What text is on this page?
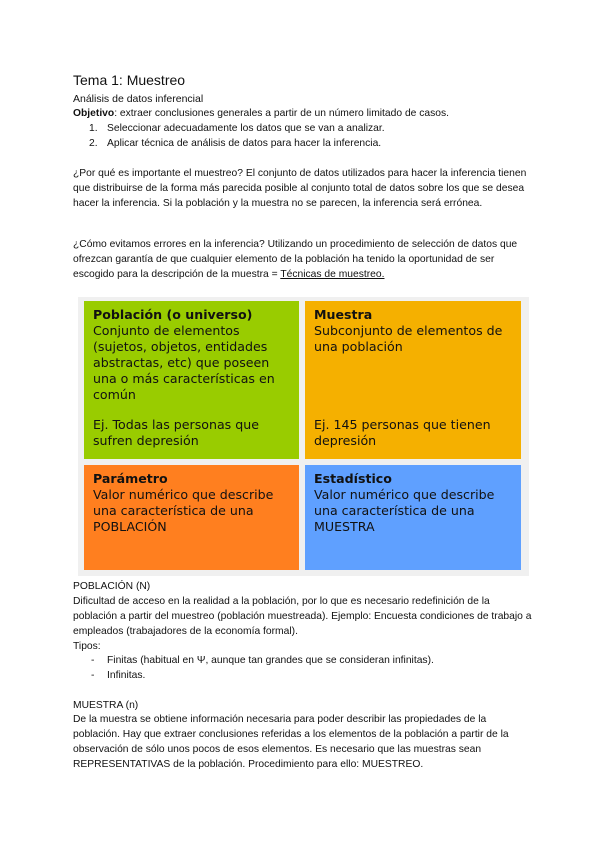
Tema 1: Muestreo
Análisis de datos inferencial
Objetivo: extraer conclusiones generales a partir de un número limitado de casos.
1. Seleccionar adecuadamente los datos que se van a analizar.
2. Aplicar técnica de análisis de datos para hacer la inferencia.
¿Por qué es importante el muestreo? El conjunto de datos utilizados para hacer la inferencia tienen que distribuirse de la forma más parecida posible al conjunto total de datos sobre los que se desea hacer la inferencia. Si la población y la muestra no se parecen, la inferencia será errónea.
¿Cómo evitamos errores en la inferencia? Utilizando un procedimiento de selección de datos que ofrezcan garantía de que cualquier elemento de la población ha tenido la oportunidad de ser escogido para la descripción de la muestra = Técnicas de muestreo.
Población (o universo)
Conjunto de elementos (sujetos, objetos, entidades abstractas, etc) que poseen una o más características en común
Ej. Todas las personas que sufren depresión
Muestra
Subconjunto de elementos de una población
Ej. 145 personas que tienen depresión
Parámetro
Valor numérico que describe una característica de una POBLACIÓN
Estadístico
Valor numérico que describe una característica de una MUESTRA
POBLACIÓN (N)
Dificultad de acceso en la realidad a la población, por lo que es necesario redefinición de la población a partir del muestreo (población muestreada). Ejemplo: Encuesta condiciones de trabajo a empleados (trabajadores de la economía formal).
Tipos:
- Finitas (habitual en Ψ, aunque tan grandes que se consideran infinitas).
- Infinitas.
MUESTRA (n)
De la muestra se obtiene información necesaria para poder describir las propiedades de la población. Hay que extraer conclusiones referidas a los elementos de la población a partir de la observación de sólo unos pocos de esos elementos. Es necesario que las muestras sean REPRESENTATIVAS de la población. Procedimiento para ello: MUESTREO.
